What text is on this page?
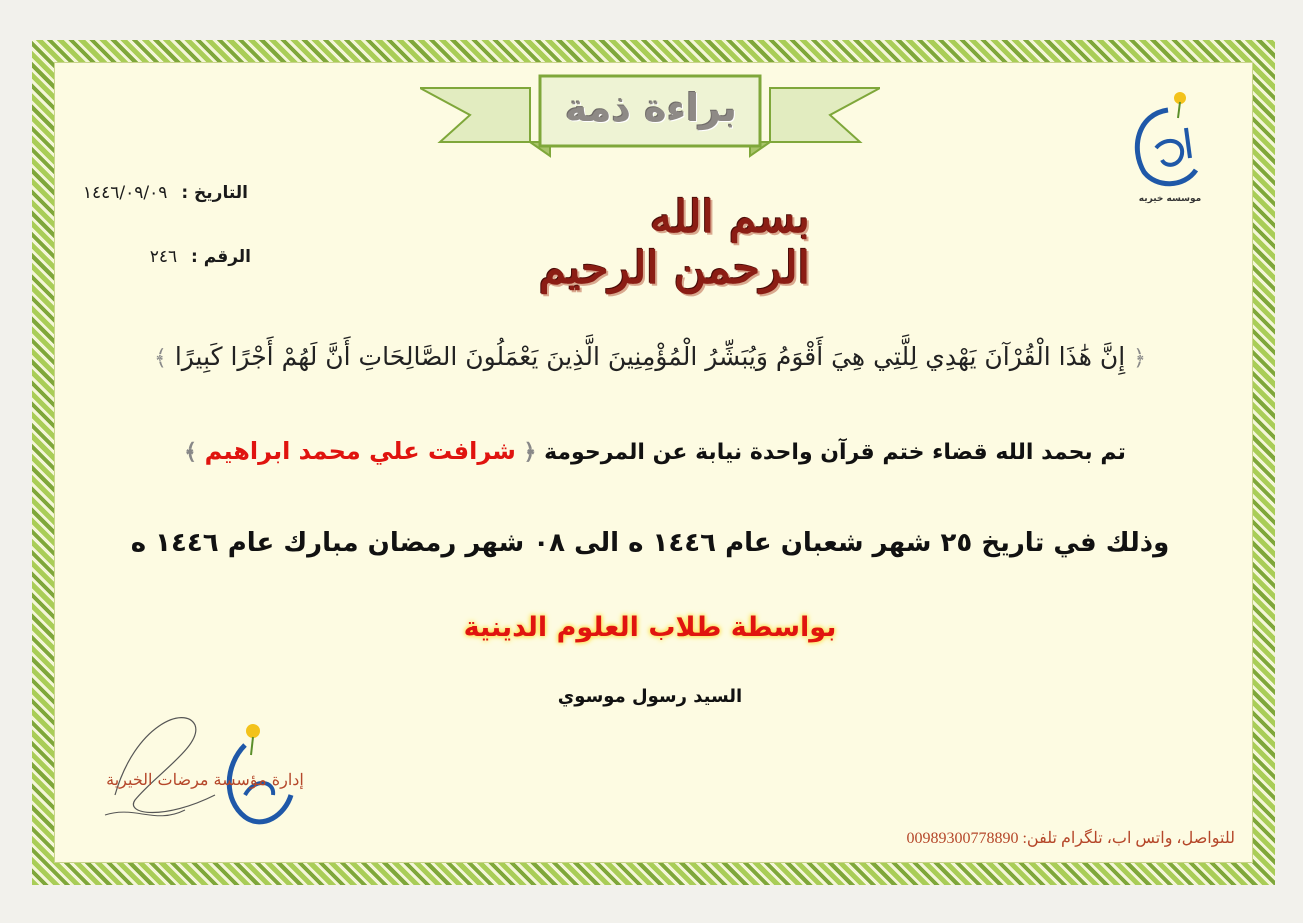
براءة ذمة
التاريخ : ١٤٤٦/٠٩/٠٩
الرقم : ٢٤٦
بسم الله الرحمن الرحيم
﴿ إِنَّ هَٰذَا الْقُرْآنَ يَهْدِي لِلَّتِي هِيَ أَقْوَمُ وَيُبَشِّرُ الْمُؤْمِنِينَ الَّذِينَ يَعْمَلُونَ الصَّالِحَاتِ أَنَّ لَهُمْ أَجْرًا كَبِيرًا ﴾
تم بحمد الله قضاء ختم قرآن واحدة نيابة عن المرحومة ﴿ شرافت علي محمد ابراهيم ﴾
وذلك في تاريخ ٢٥ شهر شعبان عام ١٤٤٦ ه الى ٠٨ شهر رمضان مبارك عام ١٤٤٦ ه
بواسطة طلاب العلوم الدينية
السيد رسول موسوي
موسسه خیریه
إدارة مؤسسة مرضات الخيرية
للتواصل، واتس اب، تلگرام تلفن: 00989300778890
